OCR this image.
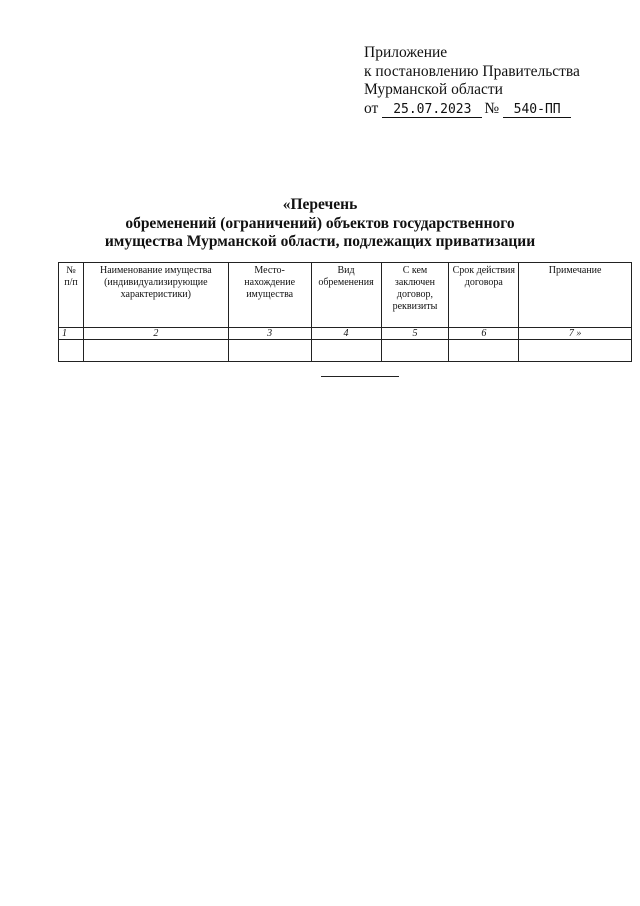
Приложение
к постановлению Правительства
Мурманской области
от	25.07.2023 №	540-ПП
«Перечень
обременений (ограничений) объектов государственного
имущества Мурманской области, подлежащих приватизации
№ п/п	Наименование имущества (индивидуализирующие характеристики)	Место-нахождение имущества	Вид обременения	С кем заключен договор, реквизиты	Срок действия договора	Примечание
1	2	3	4	5	6	7 »
